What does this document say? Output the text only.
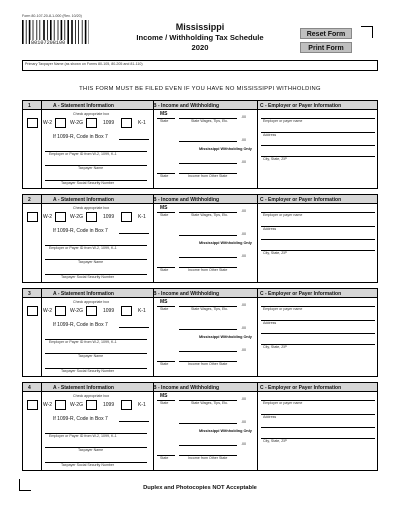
Form 80-107-20-8-1-000 (Rev. 10/20)
80107208100
Mississippi
Income / Withholding Tax Schedule
2020
Reset Form
Print Form
Primary Taxpayer Name (as shown on Forms 80-105, 80-205 and 81-110)
THIS FORM MUST BE FILED EVEN IF YOU HAVE NO MISSISSIPPI WITHHOLDING
1	A - Statement Information	B - Income and Withholding	C - Employer or Payer Information
Check appropriate box
W-2	W-2G	1099	K-1
If 1099-R, Code in Box 7
Employer or Payer ID from W-2, 1099, K-1
Taxpayer Name
Taxpayer Social Security Number
MS
State	State Wages, Tips, Etc.
.00
.00
Mississippi Withholding Only
.00
State	Income from Other State
Employer or payer name
Address
City, State, ZIP
2	A - Statement Information	B - Income and Withholding	C - Employer or Payer Information
Check appropriate box
W-2	W-2G	1099	K-1
If 1099-R, Code in Box 7
Employer or Payer ID from W-2, 1099, K-1
Taxpayer Name
Taxpayer Social Security Number
MS
State	State Wages, Tips, Etc.
.00
.00
Mississippi Withholding Only
.00
State	Income from Other State
Employer or payer name
Address
City, State, ZIP
3	A - Statement Information	B - Income and Withholding	C - Employer or Payer Information
Check appropriate box
W-2	W-2G	1099	K-1
If 1099-R, Code in Box 7
Employer or Payer ID from W-2, 1099, K-1
Taxpayer Name
Taxpayer Social Security Number
MS
State	State Wages, Tips, Etc.
.00
.00
Mississippi Withholding Only
.00
State	Income from Other State
Employer or payer name
Address
City, State, ZIP
4	A - Statement Information	B - Income and Withholding	C - Employer or Payer Information
Check appropriate box
W-2	W-2G	1099	K-1
If 1099-R, Code in Box 7
Employer or Payer ID from W-2, 1099, K-1
Taxpayer Name
Taxpayer Social Security Number
MS
State	State Wages, Tips, Etc.
.00
.00
Mississippi Withholding Only
.00
State	Income from Other State
Employer or payer name
Address
City, State, ZIP
Duplex and Photocopies NOT Acceptable
